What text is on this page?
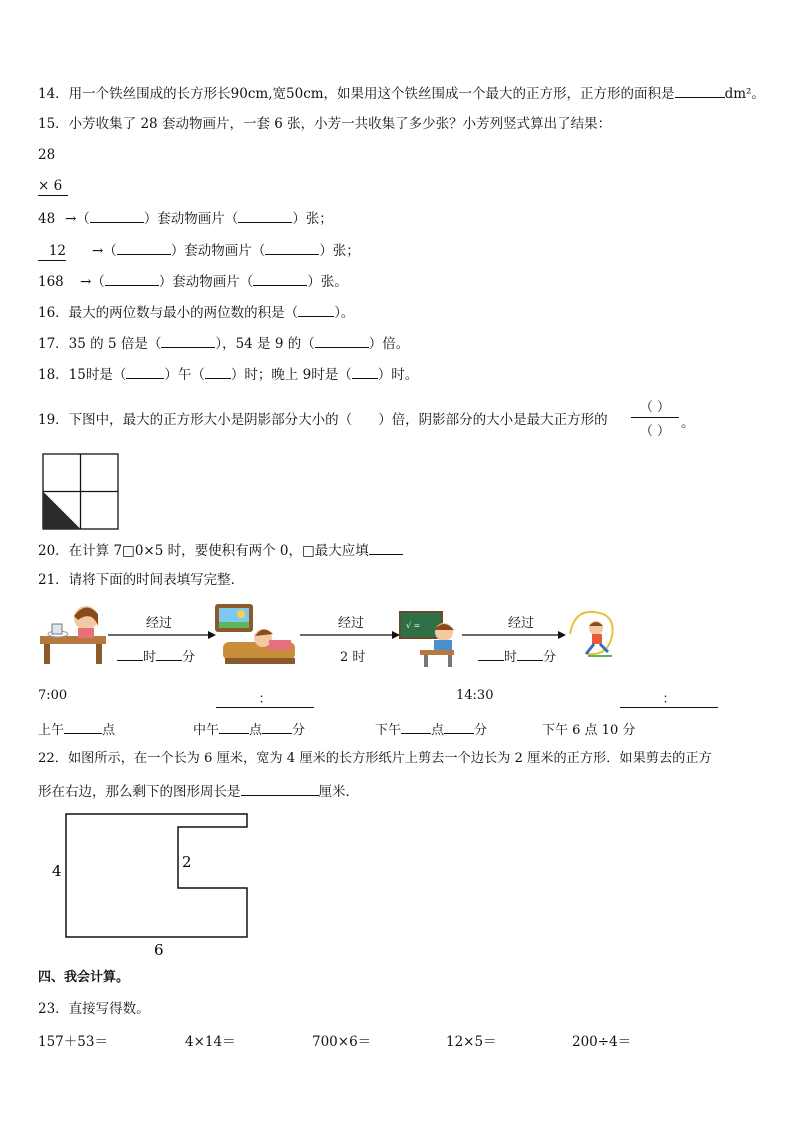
14．用一个铁丝围成的长方形长90cm,宽50cm，如果用这个铁丝围成一个最大的正方形，正方形的面积是	dm²。
15．小芳收集了 28 套动物画片，一套 6 张，小芳一共收集了多少张？小芳列竖式算出了结果：
28
× 6
48 →（	）套动物画片（	）张；
12 →（	）套动物画片（	）张；
168 →（	）套动物画片（	）张。
16．最大的两位数与最小的两位数的积是（	）。
17．35 的 5 倍是（	），54 是 9 的（	）倍。
18．15时是（	）午（ ）时；晚上 9时是（ ）时。
19．下图中，最大的正方形大小是阴影部分大小的（ ）倍，阴影部分的大小是最大正方形的
（ ）
（ ）
。
20．在计算 7□0×5 时，要使积有两个 0，□最大应填
21．请将下面的时间表填写完整．
√ =
经过	经过	经过
时 分	2 时	时 分
7:00	：	14:30	：
上午	点	中午 点 分	下午 点 分	下午 6 点 10 分
22．如图所示，在一个长为 6 厘米，宽为 4 厘米的长方形纸片上剪去一个边长为 2 厘米的正方形．如果剪去的正方
形在右边，那么剩下的图形周长是	厘米．
4	2
6
四、我会计算。
23．直接写得数。
157＋53＝	4×14＝	700×6＝	12×5＝	200÷4＝
